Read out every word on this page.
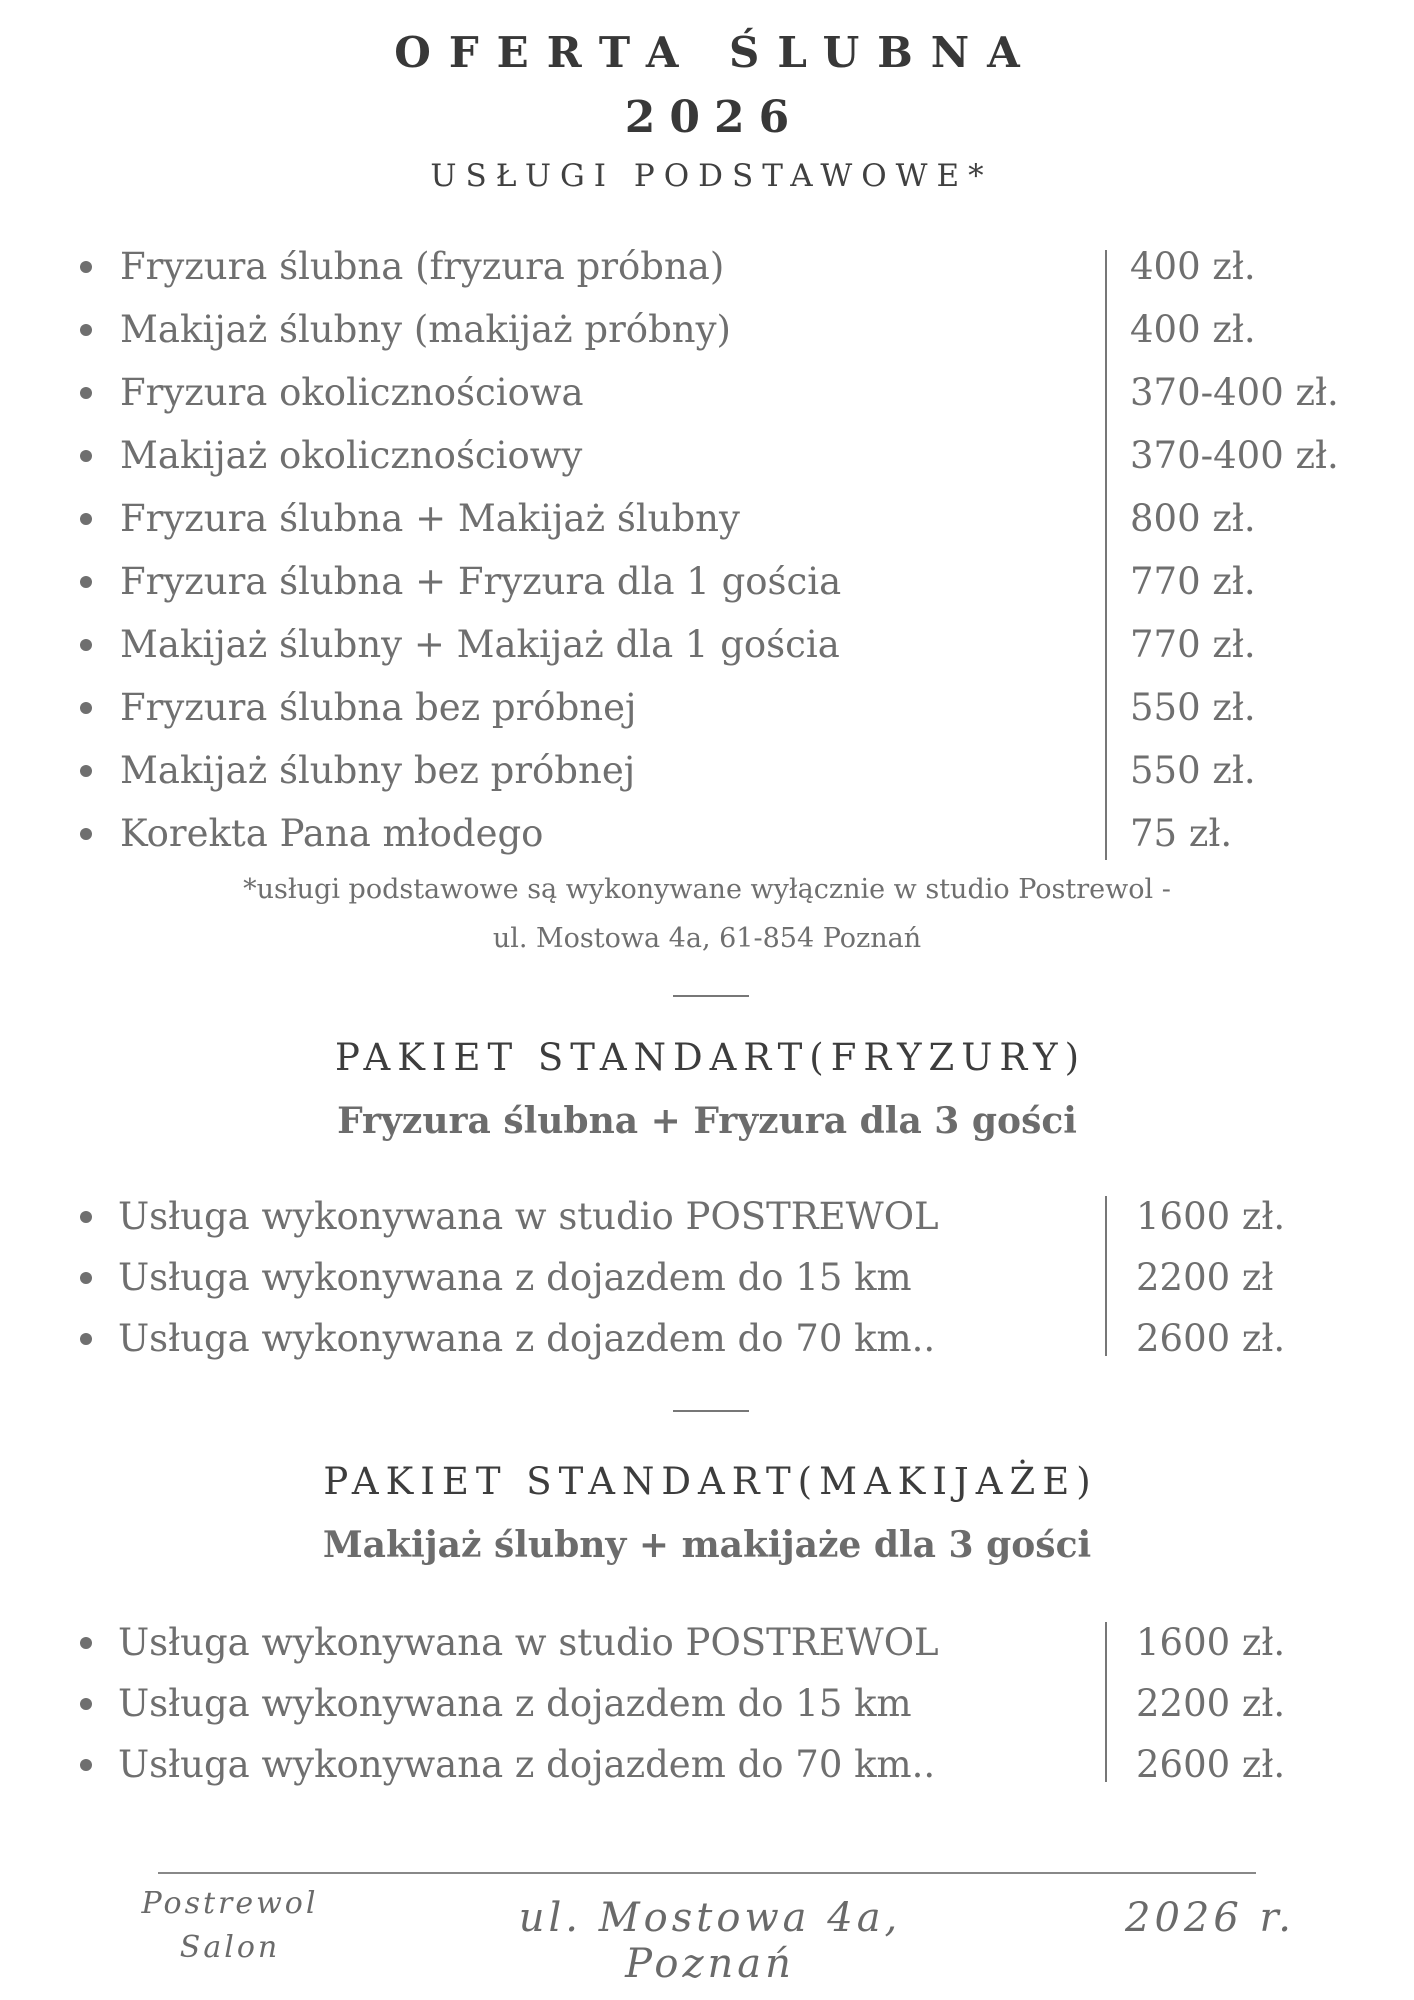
OFERTA ŚLUBNA
2026
USŁUGI PODSTAWOWE*
Fryzura ślubna (fryzura próbna)	400 zł.
Makijaż ślubny (makijaż próbny)	400 zł.
Fryzura okolicznościowa	370-400 zł.
Makijaż okolicznościowy	370-400 zł.
Fryzura ślubna + Makijaż ślubny	800 zł.
Fryzura ślubna + Fryzura dla 1 gościa	770 zł.
Makijaż ślubny + Makijaż dla 1 gościa	770 zł.
Fryzura ślubna bez próbnej	550 zł.
Makijaż ślubny bez próbnej	550 zł.
Korekta Pana młodego	75 zł.
*usługi podstawowe są wykonywane wyłącznie w studio Postrewol -
ul. Mostowa 4a, 61-854 Poznań
PAKIET STANDART(FRYZURY)
Fryzura ślubna + Fryzura dla 3 gości
Usługa wykonywana w studio POSTREWOL	1600 zł.
Usługa wykonywana z dojazdem do 15 km	2200 zł
Usługa wykonywana z dojazdem do 70 km..	2600 zł.
PAKIET STANDART(MAKIJAŻE)
Makijaż ślubny + makijaże dla 3 gości
Usługa wykonywana w studio POSTREWOL	1600 zł.
Usługa wykonywana z dojazdem do 15 km	2200 zł.
Usługa wykonywana z dojazdem do 70 km..	2600 zł.
Postrewol
Salon
ul. Mostowa 4a, Poznań
2026 r.
